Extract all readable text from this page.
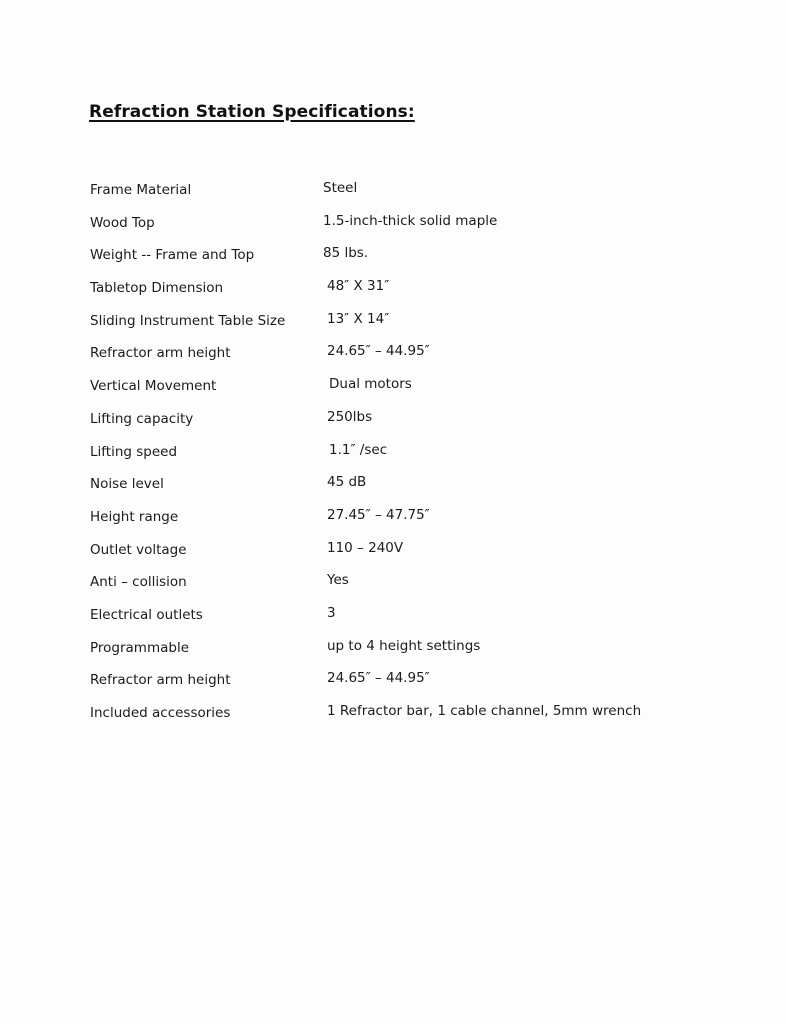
Refraction Station Specifications:
Frame Material	Steel
Wood Top	1.5-inch-thick solid maple
Weight -- Frame and Top	85 lbs.
Tabletop Dimension	48″ X 31″
Sliding Instrument Table Size	13″ X 14″
Refractor arm height	24.65″ – 44.95″
Vertical Movement	Dual motors
Lifting capacity	250lbs
Lifting speed	1.1″ /sec
Noise level	45 dB
Height range	27.45″ – 47.75″
Outlet voltage	110 – 240V
Anti – collision	Yes
Electrical outlets	3
Programmable	up to 4 height settings
Refractor arm height	24.65″ – 44.95″
Included accessories	1 Refractor bar, 1 cable channel, 5mm wrench
